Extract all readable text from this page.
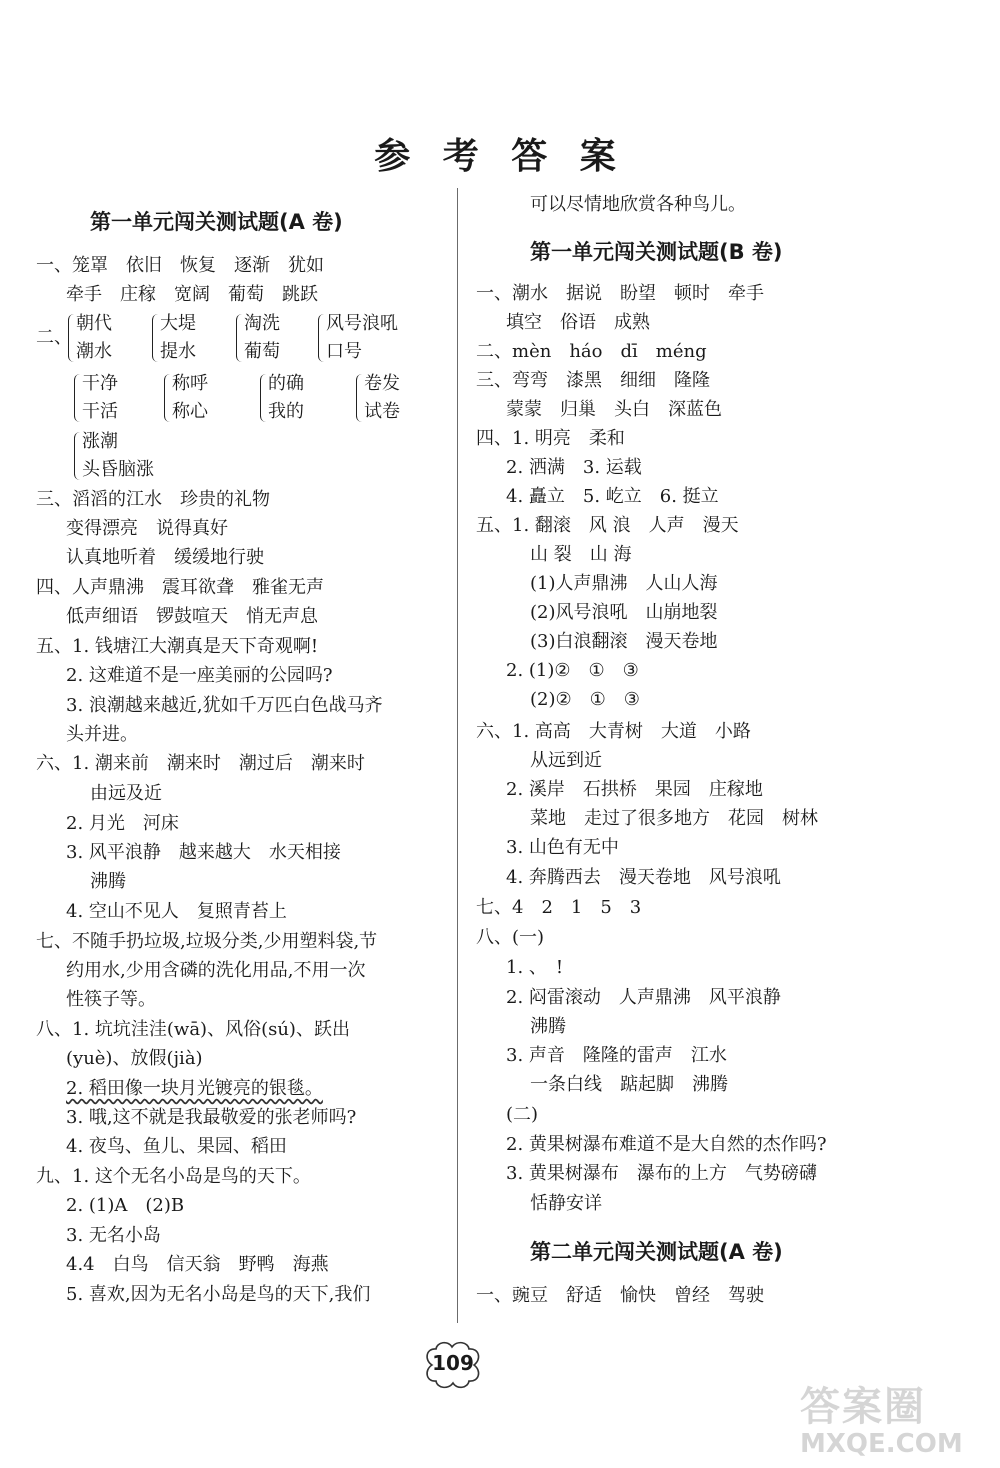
参 考 答 案
第一单元闯关测试题(A 卷)
一、笼罩　依旧　恢复　逐渐　犹如
牵手　庄稼　宽阔　葡萄　跳跃
二、
朝代
潮水
大堤
提水
淘洗
葡萄
风号浪吼
口号
干净
干活
称呼
称心
的确
我的
卷发
试卷
涨潮
头昏脑涨
三、滔滔的江水　珍贵的礼物
变得漂亮　说得真好
认真地听着　缓缓地行驶
四、人声鼎沸　震耳欲聋　雅雀无声
低声细语　锣鼓喧天　悄无声息
五、1. 钱塘江大潮真是天下奇观啊!
2. 这难道不是一座美丽的公园吗?
3. 浪潮越来越近,犹如千万匹白色战马齐
头并进。
六、1. 潮来前　潮来时　潮过后　潮来时
由远及近
2. 月光　河床
3. 风平浪静　越来越大　水天相接
沸腾
4. 空山不见人　复照青苔上
七、不随手扔垃圾,垃圾分类,少用塑料袋,节
约用水,少用含磷的洗化用品,不用一次
性筷子等。
八、1. 坑坑洼洼(wā)、风俗(sú)、跃出
(yuè)、放假(jià)
2. 稻田像一块月光镀亮的银毯。
3. 哦,这不就是我最敬爱的张老师吗?
4. 夜鸟、鱼儿、果园、稻田
九、1. 这个无名小岛是鸟的天下。
2. (1)A　(2)B
3. 无名小岛
4.4　白鸟　信天翁　野鸭　海燕
5. 喜欢,因为无名小岛是鸟的天下,我们
可以尽情地欣赏各种鸟儿。
第一单元闯关测试题(B 卷)
一、潮水　据说　盼望　顿时　牵手
填空　俗语　成熟
二、mèn　háo　dī　méng
三、弯弯　漆黑　细细　隆隆
蒙蒙　归巢　头白　深蓝色
四、1. 明亮　柔和
2. 洒满　3. 运载
4. 矗立　5. 屹立　6. 挺立
五、1. 翻滚　风 浪　人声　漫天
山 裂　山 海
(1)人声鼎沸　人山人海
(2)风号浪吼　山崩地裂
(3)白浪翻滚　漫天卷地
2. (1)②　①　③
(2)②　①　③
六、1. 高高　大青树　大道　小路
从远到近
2. 溪岸　石拱桥　果园　庄稼地
菜地　走过了很多地方　花园　树林
3. 山色有无中
4. 奔腾西去　漫天卷地　风号浪吼
七、4　2　1　5　3
八、(一)
1. 、　!
2. 闷雷滚动　人声鼎沸　风平浪静
沸腾
3. 声音　隆隆的雷声　江水
一条白线　踮起脚　沸腾
(二)
2. 黄果树瀑布难道不是大自然的杰作吗?
3. 黄果树瀑布　瀑布的上方　气势磅礴
恬静安详
第二单元闯关测试题(A 卷)
一、豌豆　舒适　愉快　曾经　驾驶
109
答案圈
MXQE.COM
